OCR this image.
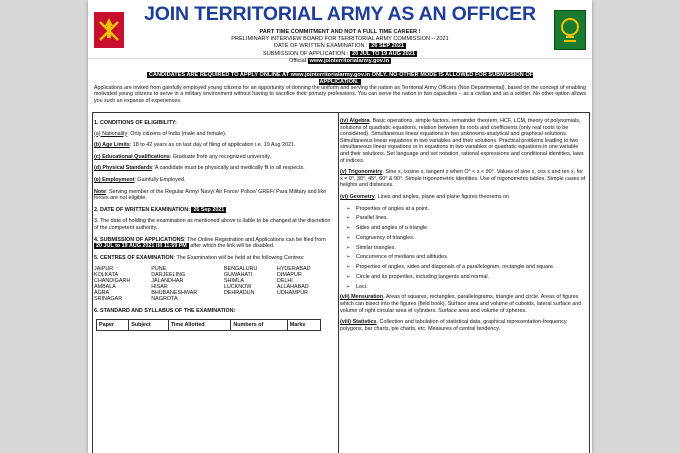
JOIN TERRITORIAL ARMY AS AN OFFICER
PART TIME COMMITMENT AND NOT A FULL TIME CAREER !
PRELIMINARY INTERVIEW BOARD FOR TERRITORIAL ARMY COMMISSION – 2021
DATE OF WRITTEN EXAMINATION : 26 SEP 2021
SUBMISSION OF APPLICATION : 20 JUL TO 19 AUG 2021
Official www.jointerritorialarmy.gov.in
CANDIDATES ARE REQUIRED TO APPLY ONLINE AT www.jointerritorialarmy.gov.in ONLY. NO OTHER MODE IS ALLOWED FOR SUBMISSION OF APPLICATION.
Applications are invited from gainfully employed young citizens for an opportunity of donning the uniform and serving the nation as Territorial Army Officers (Non Departmental), based on the concept of enabling motivated young citizens to serve in a military environment without having to sacrifice their primary professions. You can serve the nation in two capacities – as a civilian and as a soldier. No other option allows you such an expanse of experiences.
1. CONDITIONS OF ELIGIBILITY:

(a) Nationality: Only citizens of India (male and female).

(b) Age Limits: 18 to 42 years as on last day of filing of application i.e. 19 Aug 2021.

(c) Educational Qualifications: Graduate from any recognized university.

(d) Physical Standards: A candidate must be physically and medically fit in all respects.

(e) Employment: Gainfully Employed.

Note: Serving member of the Regular Army/ Navy/ Air Force/ Police/ GREF/ Para Military and like forces are not eligible.

2. DATE OF WRITTEN EXAMINATION: 26 Sep 2021

3. The date of holding the examination as mentioned above is liable to be changed at the discretion of the competent authority.

4. SUBMISSION OF APPLICATIONS: The Online Registration and Applications can be filed from 20 JUL to 19 AUG 2021 till 11:59 PM after which the link will be disabled.

5. CENTRES OF EXAMINATION: The Examination will be held at the following Centres:

JAIPUR	PUNE	BENGALURU	HYDERABAD
KOLKATA	DARJEELING	GUWAHATI	DIMAPUR
CHANDIGARH	JALANDHAR	SHIMLA	DELHI
AMBALA	HISAR	LUCKNOW	ALLAHABAD
AGRA	BHUBANESHWAR	DEHRADUN	UDHAMPUR
SRINAGAR	NAGROTA		
6. STANDARD AND SYLLABUS OF THE EXAMINATION:
Paper	Subject	Time Allotted	Numbers of	Marks

(iv) Algebra. Basic operations, simple factors, remainder theorem, HCF, LCM, theory of polynomials, solutions of quadratic equations, relation between its roots and coefficients (only real roots to be considered). Simultaneous linear equations in two unknowns-analytical and graphical solutions. Simultaneous linear equations in two variables and their solutions. Practical problems leading to two simultaneous linear equations or in equations in two variables or quadratic equations in one variable and their solutions. Set language and set notation, rational expressions and conditional identities, laws of indices.

(v) Trigonometry. Sine x, cosine x, tangent x when O° < x < 90°. Values of sine x, cos x and ten x, for x = 0°, 30°, 45°, 60° & 90°. Simple trigonometric identities. Use of trigonometric tables. Simple cases of heights and distances.

(vi) Geometry. Lines and angles, plane and plane figures theorems on

➢ Properties of angles at a point.
➢ Parallel lines.
➢ Sides and angles of a triangle.
➢ Congruency of triangles.
➢ Similar triangles.
➢ Concurrence of medians and altitudes.
➢ Properties of angles, sides and diagonals of a parallelogram, rectangle and square.
➢ Circle and its properties, including tangents and normal.
➢ Loci.

(vii) Mensuration. Areas of squares, rectangles, parallelograms, triangle and circle. Areas of figures which can bisect into the figures (field book). Surface area and volume of cuboids, lateral surface and volume of right circular area of cylinders. Surface area and volume of spheres.

(viii) Statistics. Collection and tabulation of statistical data, graphical representation-frequency polygons, bar charts, pie charts, etc. Measures of central tendency.
